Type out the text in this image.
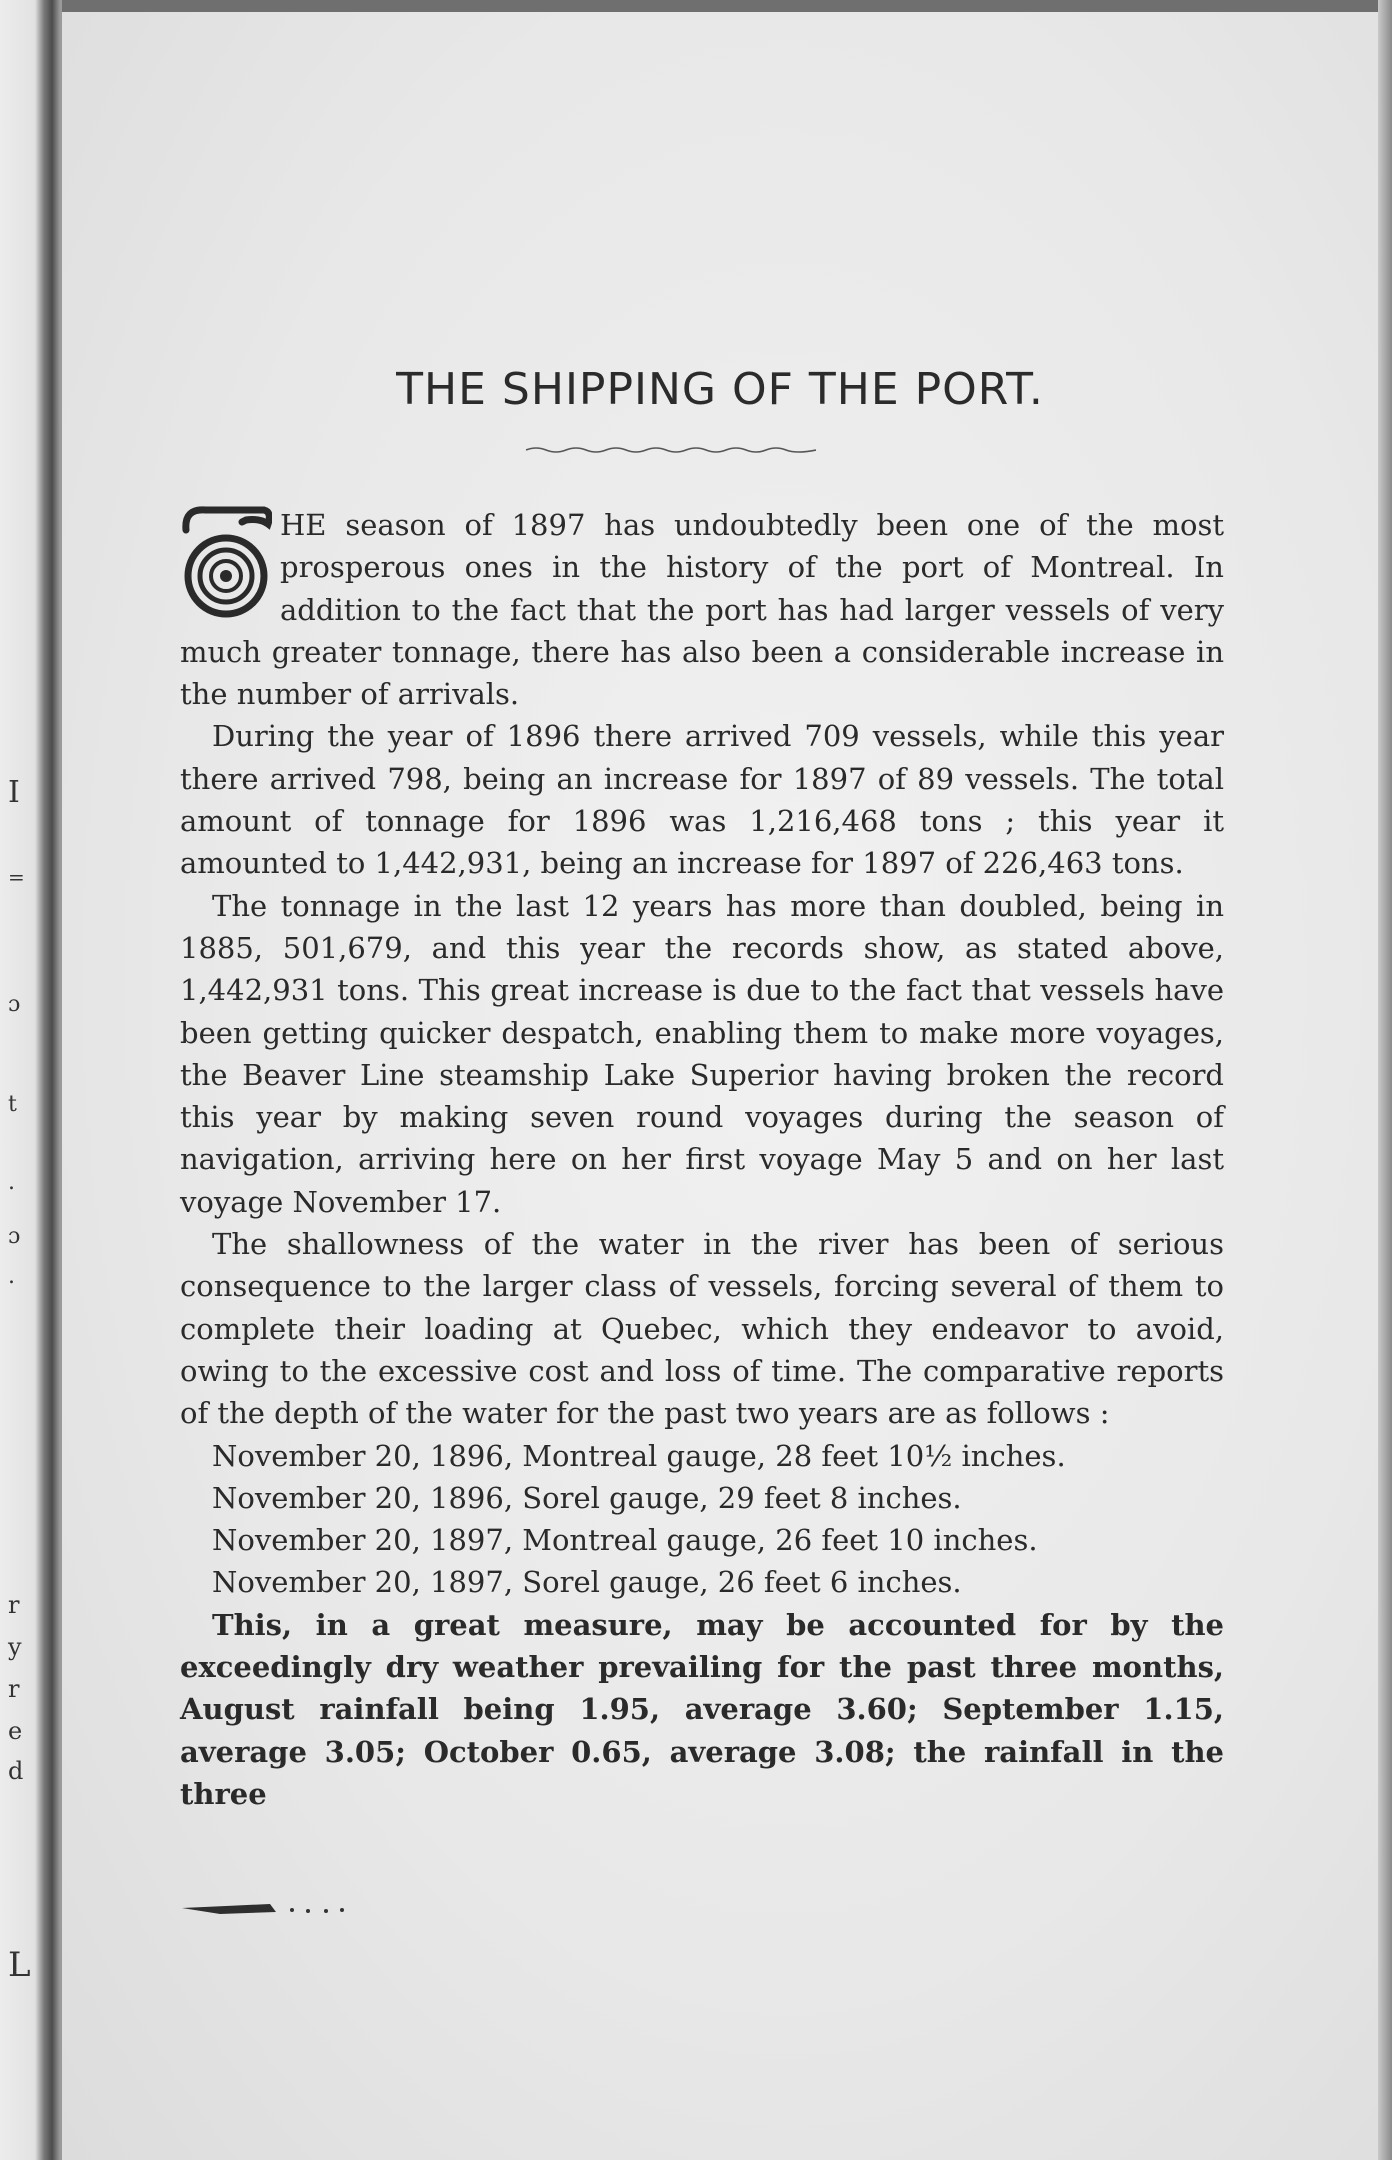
I
=
ɔ
t
.
ɔ
.
r
y
r
e
d
L
THE SHIPPING OF THE PORT.

T
HE season of 1897 has undoubtedly been one of the most prosperous ones in the history of the port of Montreal. In addition to the fact that the port has had larger vessels of very much greater tonnage, there has also been a considerable increase in the number of arrivals.

During the year of 1896 there arrived 709 vessels, while this year there arrived 798, being an increase for 1897 of 89 vessels. The total amount of tonnage for 1896 was 1,216,468 tons ; this year it amounted to 1,442,931, being an increase for 1897 of 226,463 tons.

The tonnage in the last 12 years has more than doubled, being in 1885, 501,679, and this year the records show, as stated above, 1,442,931 tons. This great increase is due to the fact that vessels have been getting quicker despatch, enabling them to make more voyages, the Beaver Line steamship Lake Superior having broken the record this year by making seven round voyages during the season of navigation, arriving here on her first voyage May 5 and on her last voyage November 17.

The shallowness of the water in the river has been of serious consequence to the larger class of vessels, forcing several of them to complete their loading at Quebec, which they endeavor to avoid, owing to the excessive cost and loss of time. The comparative reports of the depth of the water for the past two years are as follows :

November 20, 1896, Montreal gauge, 28 feet 10½ inches.

November 20, 1896, Sorel gauge, 29 feet 8 inches.

November 20, 1897, Montreal gauge, 26 feet 10 inches.

November 20, 1897, Sorel gauge, 26 feet 6 inches.

This, in a great measure, may be accounted for by the exceedingly dry weather prevailing for the past three months, August rainfall being 1.95, average 3.60; September 1.15, average 3.05; October 0.65, average 3.08; the rainfall in the three
